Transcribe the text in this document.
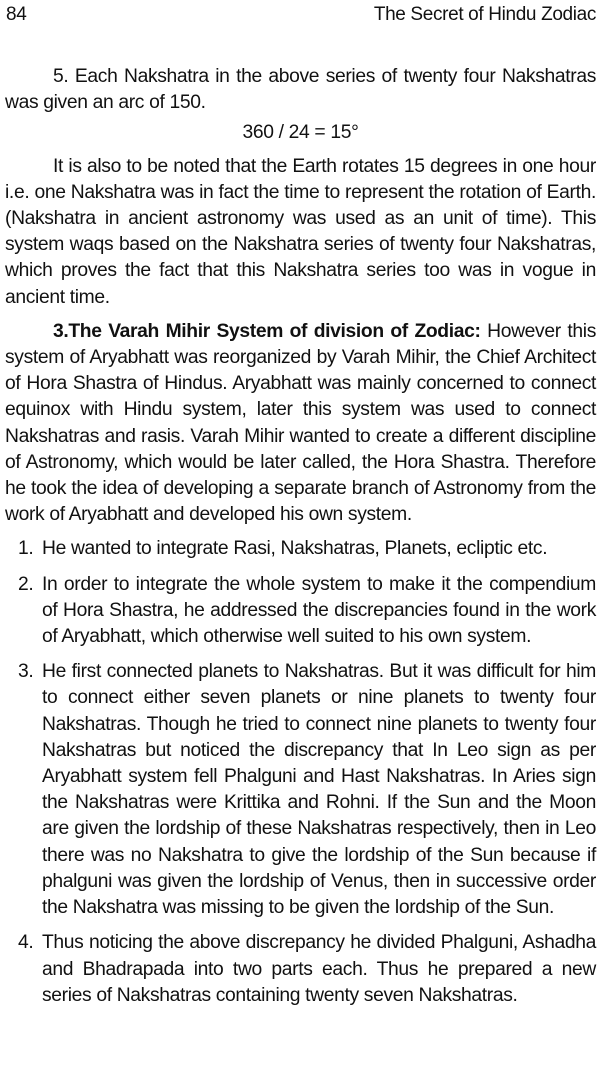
84	The Secret of Hindu Zodiac

5. Each Nakshatra in the above series of twenty four Nakshatras was given an arc of 150.

360 / 24 = 15°

It is also to be noted that the Earth rotates 15 degrees in one hour i.e. one Nakshatra was in fact the time to represent the rotation of Earth. (Nakshatra in ancient astronomy was used as an unit of time). This system waqs based on the Nakshatra series of twenty four Nakshatras, which proves the fact that this Nakshatra series too was in vogue in ancient time.

3.The Varah Mihir System of division of Zodiac: However this system of Aryabhatt was reorganized by Varah Mihir, the Chief Architect of Hora Shastra of Hindus. Aryabhatt was mainly concerned to connect equinox with Hindu system, later this system was used to connect Nakshatras and rasis. Varah Mihir wanted to create a different discipline of Astronomy, which would be later called, the Hora Shastra. Therefore he took the idea of developing a separate branch of Astronomy from the work of Aryabhatt and developed his own system.

1. He wanted to integrate Rasi, Nakshatras, Planets, ecliptic etc.
2. In order to integrate the whole system to make it the compendium of Hora Shastra, he addressed the discrepancies found in the work of Aryabhatt, which otherwise well suited to his own system.
3. He first connected planets to Nakshatras. But it was difficult for him to connect either seven planets or nine planets to twenty four Nakshatras. Though he tried to connect nine planets to twenty four Nakshatras but noticed the discrepancy that In Leo sign as per Aryabhatt system fell Phalguni and Hast Nakshatras. In Aries sign the Nakshatras were Krittika and Rohni. If the Sun and the Moon are given the lordship of these Nakshatras respectively, then in Leo there was no Nakshatra to give the lordship of the Sun because if phalguni was given the lordship of Venus, then in successive order the Nakshatra was missing to be given the lordship of the Sun.
4. Thus noticing the above discrepancy he divided Phalguni, Ashadha and Bhadrapada into two parts each. Thus he prepared a new series of Nakshatras containing twenty seven Nakshatras.
